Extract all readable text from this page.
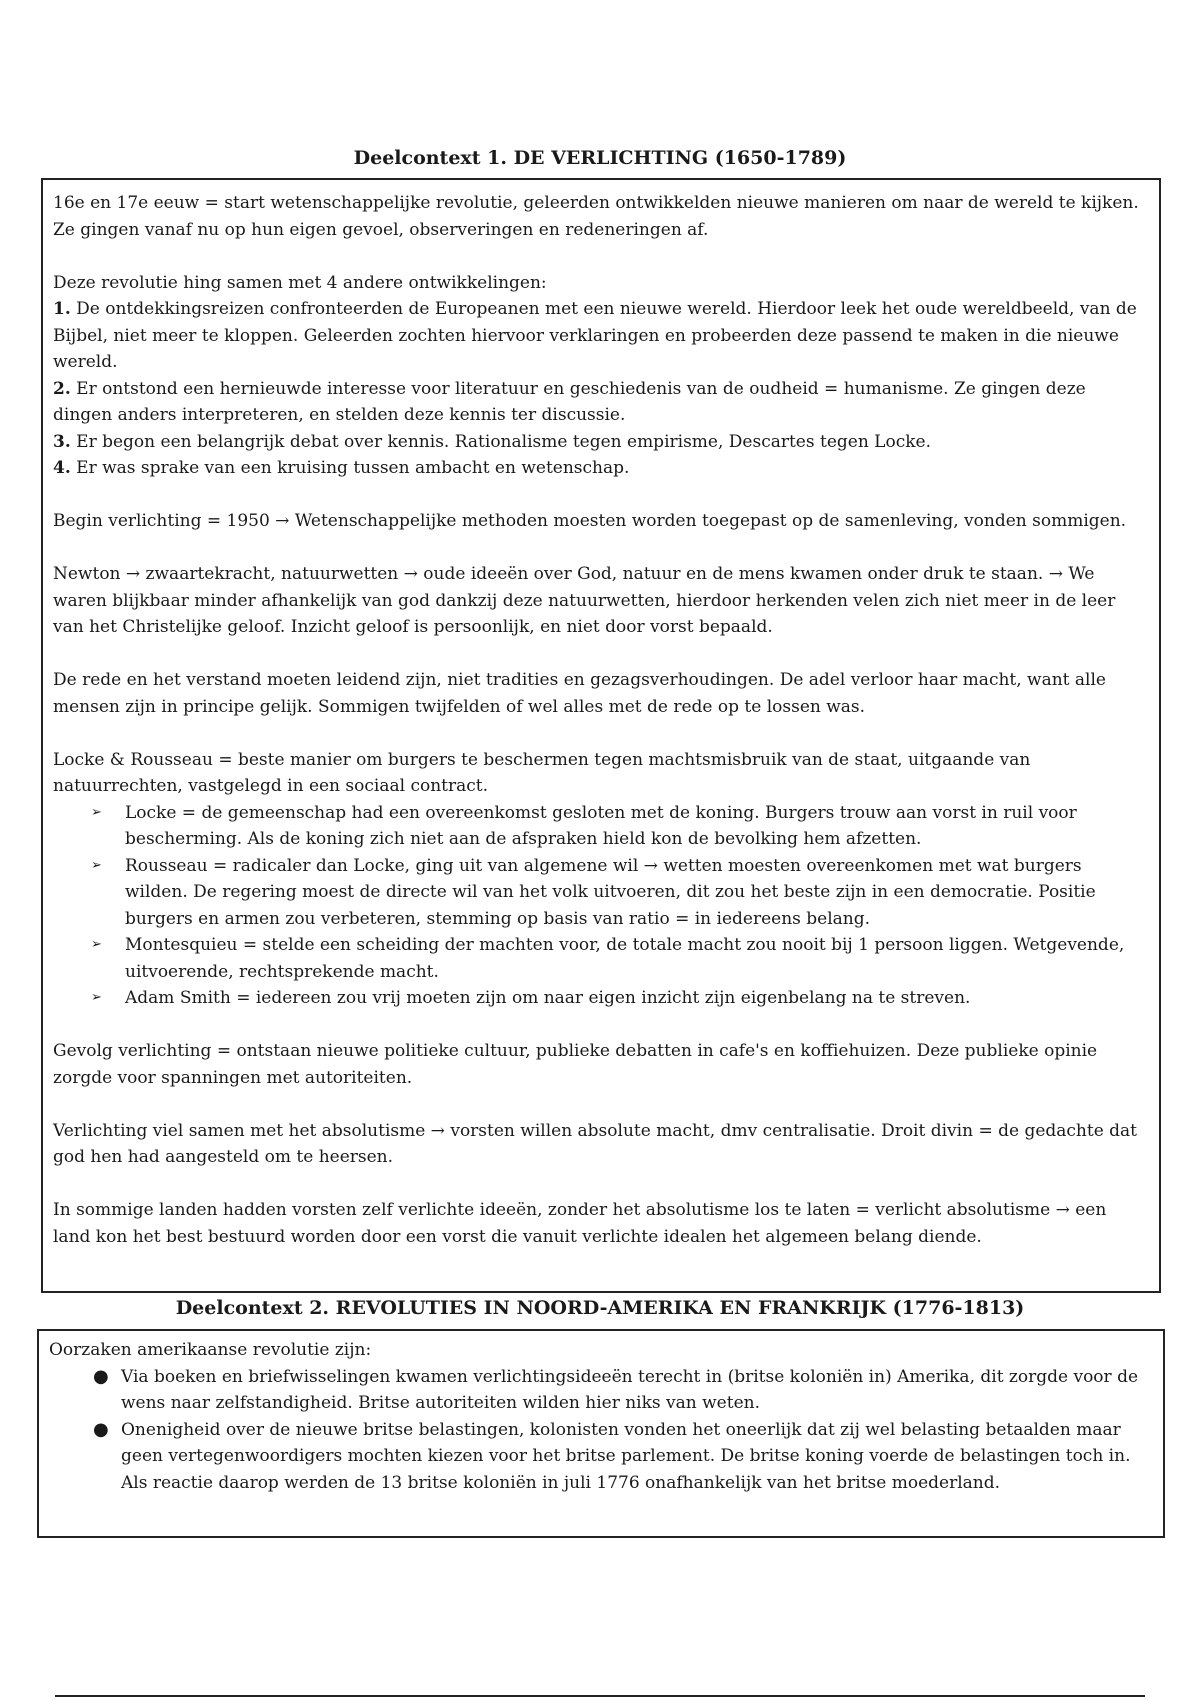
Deelcontext 1. DE VERLICHTING (1650-1789)

16e en 17e eeuw = start wetenschappelijke revolutie, geleerden ontwikkelden nieuwe manieren om naar de wereld te kijken. Ze gingen vanaf nu op hun eigen gevoel, observeringen en redeneringen af.

Deze revolutie hing samen met 4 andere ontwikkelingen:

1. De ontdekkingsreizen confronteerden de Europeanen met een nieuwe wereld. Hierdoor leek het oude wereldbeeld, van de Bijbel, niet meer te kloppen. Geleerden zochten hiervoor verklaringen en probeerden deze passend te maken in die nieuwe wereld.

2. Er ontstond een hernieuwde interesse voor literatuur en geschiedenis van de oudheid = humanisme. Ze gingen deze dingen anders interpreteren, en stelden deze kennis ter discussie.

3. Er begon een belangrijk debat over kennis. Rationalisme tegen empirisme, Descartes tegen Locke.

4. Er was sprake van een kruising tussen ambacht en wetenschap.

Begin verlichting = 1950 → Wetenschappelijke methoden moesten worden toegepast op de samenleving, vonden sommigen.

Newton → zwaartekracht, natuurwetten → oude ideeën over God, natuur en de mens kwamen onder druk te staan. → We waren blijkbaar minder afhankelijk van god dankzij deze natuurwetten, hierdoor herkenden velen zich niet meer in de leer van het Christelijke geloof. Inzicht geloof is persoonlijk, en niet door vorst bepaald.

De rede en het verstand moeten leidend zijn, niet tradities en gezagsverhoudingen. De adel verloor haar macht, want alle mensen zijn in principe gelijk. Sommigen twijfelden of wel alles met de rede op te lossen was.

Locke & Rousseau = beste manier om burgers te beschermen tegen machtsmisbruik van de staat, uitgaande van natuurrechten, vastgelegd in een sociaal contract.

➢ Locke = de gemeenschap had een overeenkomst gesloten met de koning. Burgers trouw aan vorst in ruil voor bescherming. Als de koning zich niet aan de afspraken hield kon de bevolking hem afzetten.
➢ Rousseau = radicaler dan Locke, ging uit van algemene wil → wetten moesten overeenkomen met wat burgers wilden. De regering moest de directe wil van het volk uitvoeren, dit zou het beste zijn in een democratie. Positie burgers en armen zou verbeteren, stemming op basis van ratio = in iedereens belang.
➢ Montesquieu = stelde een scheiding der machten voor, de totale macht zou nooit bij 1 persoon liggen. Wetgevende, uitvoerende, rechtsprekende macht.
➢ Adam Smith = iedereen zou vrij moeten zijn om naar eigen inzicht zijn eigenbelang na te streven.

Gevolg verlichting = ontstaan nieuwe politieke cultuur, publieke debatten in cafe's en koffiehuizen. Deze publieke opinie zorgde voor spanningen met autoriteiten.

Verlichting viel samen met het absolutisme → vorsten willen absolute macht, dmv centralisatie. Droit divin = de gedachte dat god hen had aangesteld om te heersen.

In sommige landen hadden vorsten zelf verlichte ideeën, zonder het absolutisme los te laten = verlicht absolutisme → een land kon het best bestuurd worden door een vorst die vanuit verlichte idealen het algemeen belang diende.

Deelcontext 2. REVOLUTIES IN NOORD-AMERIKA EN FRANKRIJK (1776-1813)

Oorzaken amerikaanse revolutie zijn:

● Via boeken en briefwisselingen kwamen verlichtingsideeën terecht in (britse koloniën in) Amerika, dit zorgde voor de wens naar zelfstandigheid. Britse autoriteiten wilden hier niks van weten.
● Onenigheid over de nieuwe britse belastingen, kolonisten vonden het oneerlijk dat zij wel belasting betaalden maar geen vertegenwoordigers mochten kiezen voor het britse parlement. De britse koning voerde de belastingen toch in. Als reactie daarop werden de 13 britse koloniën in juli 1776 onafhankelijk van het britse moederland.
